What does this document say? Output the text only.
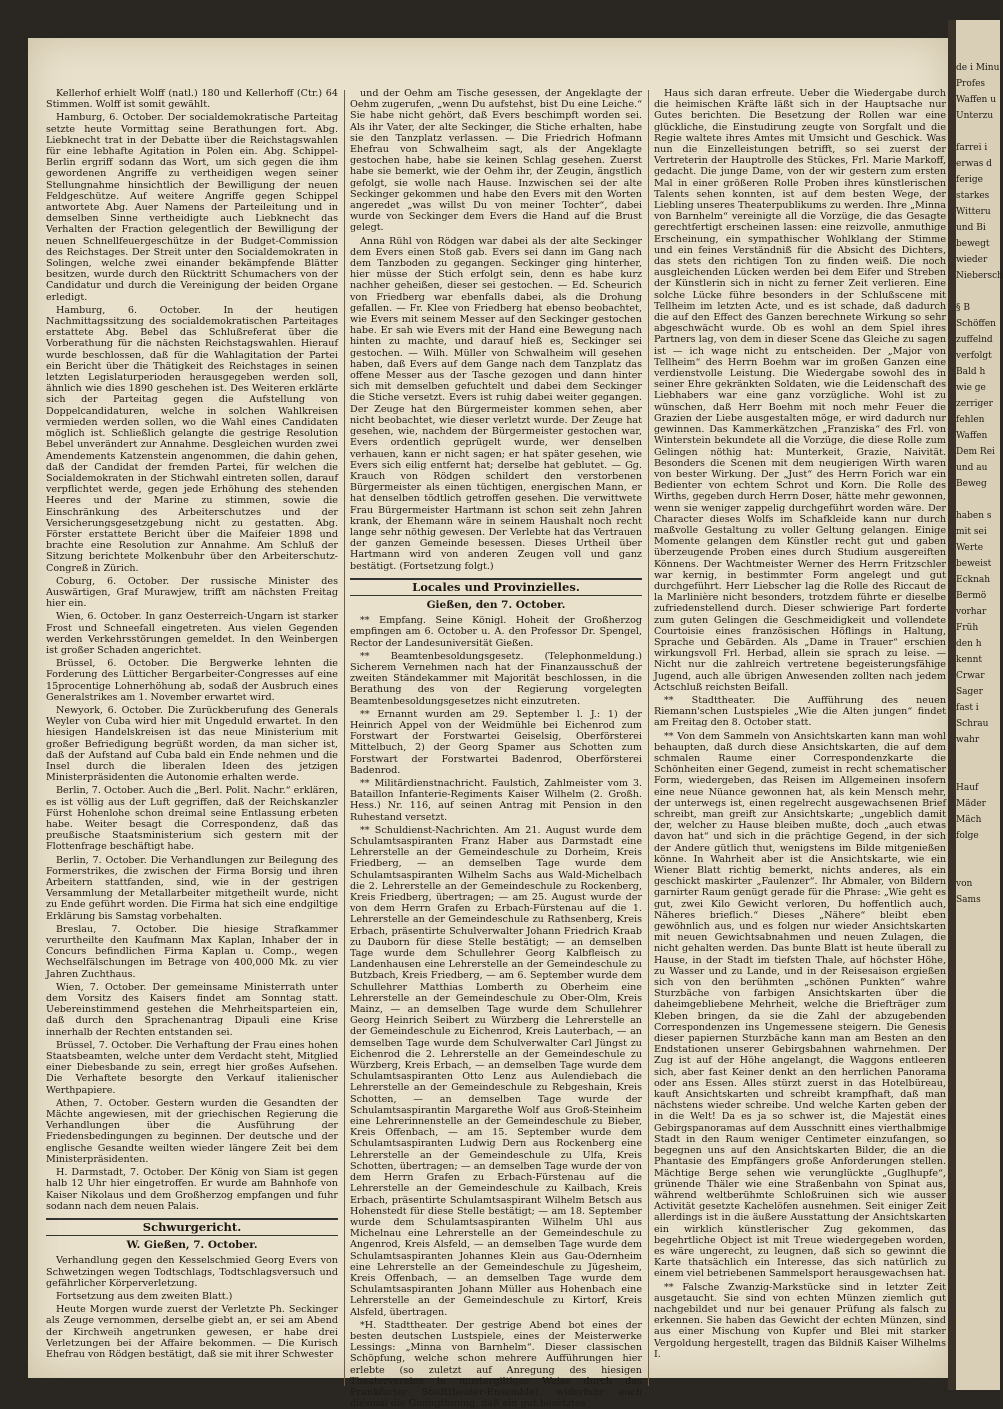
de i Minu
Profes
Waffen u
Unterzu

farrei i
erwas d
ferige
starkes
Witteru
und Bi
bewegt
wieder
Niebersch

§ B
Schöffen
zuffelnd
verfolgt
Bald h
wie ge
zerriger
fehlen
Waffen
Dem Rei
und au
Beweg

haben s
mit sei
Werte
beweist
Ecknah
Bermö
vorhar
Früh
den h
kennt
Crwar
Sager
fast i
Schrau
wahr

Hauf
Mäder
Mäch
folge

von
Sams

Kellerhof erhielt Wolff (natl.) 180 und Kellerhoff (Ctr.) 64 Stimmen. Wolff ist somit gewählt.

Hamburg, 6. October. Der socialdemokratische Parteitag setzte heute Vormittag seine Berathungen fort. Abg. Liebknecht trat in der Debatte über die Reichstagswahlen für eine lebhafte Agitation in Polen ein. Abg. Schippel-Berlin ergriff sodann das Wort, um sich gegen die ihm gewordenen Angriffe zu vertheidigen wegen seiner Stellungnahme hinsichtlich der Bewilligung der neuen Feldgeschütze. Auf weitere Angriffe gegen Schippel antwortete Abg. Auer Namens der Parteileitung und in demselben Sinne vertheidigte auch Liebknecht das Verhalten der Fraction gelegentlich der Bewilligung der neuen Schnellfeuergeschütze in der Budget-Commission des Reichstages. Der Streit unter den Socialdemokraten in Solingen, welche zwei einander bekämpfende Blätter besitzen, wurde durch den Rücktritt Schumachers von der Candidatur und durch die Vereinigung der beiden Organe erledigt.

Hamburg, 6. October. In der heutigen Nachmittagssitzung des socialdemokratischen Parteitages erstattete Abg. Bebel das Schlußreferat über die Vorberathung für die nächsten Reichstagswahlen. Hierauf wurde beschlossen, daß für die Wahlagitation der Partei ein Bericht über die Thätigkeit des Reichstages in seinen letzten Legislaturperioden herausgegeben werden soll, ähnlich wie dies 1890 geschehen ist. Des Weiteren erklärte sich der Parteitag gegen die Aufstellung von Doppelcandidaturen, welche in solchen Wahlkreisen vermieden werden sollen, wo die Wahl eines Candidaten möglich ist. Schließlich gelangte die gestrige Resolution Bebel unverändert zur Annahme. Desgleichen wurden zwei Amendements Katzenstein angenommen, die dahin gehen, daß der Candidat der fremden Partei, für welchen die Socialdemokraten in der Stichwahl eintreten sollen, darauf verpflichtet werde, gegen jede Erhöhung des stehenden Heeres und der Marine zu stimmen, sowie die Einschränkung des Arbeiterschutzes und der Versicherungsgesetzgebung nicht zu gestatten. Abg. Förster erstattete Bericht über die Maifeier 1898 und brachte eine Resolution zur Annahme. Am Schluß der Sitzung berichtete Molkenbuhr über den Arbeiterschutz-Congreß in Zürich.

Coburg, 6. October. Der russische Minister des Auswärtigen, Graf Murawjew, trifft am nächsten Freitag hier ein.

Wien, 6. October. In ganz Oesterreich-Ungarn ist starker Frost und Schneefall eingetreten. Aus vielen Gegenden werden Verkehrsstörungen gemeldet. In den Weinbergen ist großer Schaden angerichtet.

Brüssel, 6. October. Die Bergwerke lehnten die Forderung des Lütticher Bergarbeiter-Congresses auf eine 15procentige Lohnerhöhung ab, sodaß der Ausbruch eines Generalstrikes am 1. November erwartet wird.

Newyork, 6. October. Die Zurückberufung des Generals Weyler von Cuba wird hier mit Ungeduld erwartet. In den hiesigen Handelskreisen ist das neue Ministerium mit großer Befriedigung begrüßt worden, da man sicher ist, daß der Aufstand auf Cuba bald ein Ende nehmen und die Insel durch die liberalen Ideen des jetzigen Ministerpräsidenten die Autonomie erhalten werde.

Berlin, 7. October. Auch die „Berl. Polit. Nachr.“ erklären, es ist völlig aus der Luft gegriffen, daß der Reichskanzler Fürst Hohenlohe schon dreimal seine Entlassung erbeten habe. Weiter besagt die Correspondenz, daß das preußische Staatsministerium sich gestern mit der Flottenfrage beschäftigt habe.

Berlin, 7. October. Die Verhandlungen zur Beilegung des Formerstrikes, die zwischen der Firma Borsig und ihren Arbeitern stattfanden, sind, wie in der gestrigen Versammlung der Metallarbeiter mitgetheilt wurde, nicht zu Ende geführt worden. Die Firma hat sich eine endgiltige Erklärung bis Samstag vorbehalten.

Breslau, 7. October. Die hiesige Strafkammer verurtheilte den Kaufmann Max Kaplan, Inhaber der in Concurs befindlichen Firma Kaplan u. Comp., wegen Wechselfälschungen im Betrage von 400,000 Mk. zu vier Jahren Zuchthaus.

Wien, 7. October. Der gemeinsame Ministerrath unter dem Vorsitz des Kaisers findet am Sonntag statt. Uebereinstimmend gestehen die Mehrheitsparteien ein, daß durch den Sprachenantrag Dipauli eine Krise innerhalb der Rechten entstanden sei.

Brüssel, 7. October. Die Verhaftung der Frau eines hohen Staatsbeamten, welche unter dem Verdacht steht, Mitglied einer Diebesbande zu sein, erregt hier großes Aufsehen. Die Verhaftete besorgte den Verkauf italienischer Werthpapiere.

Athen, 7. October. Gestern wurden die Gesandten der Mächte angewiesen, mit der griechischen Regierung die Verhandlungen über die Ausführung der Friedensbedingungen zu beginnen. Der deutsche und der englische Gesandte weilten wieder längere Zeit bei dem Ministerpräsidenten.

H. Darmstadt, 7. October. Der König von Siam ist gegen halb 12 Uhr hier eingetroffen. Er wurde am Bahnhofe von Kaiser Nikolaus und dem Großherzog empfangen und fuhr sodann nach dem neuen Palais.

Schwurgericht.
W. Gießen, 7. October.

Verhandlung gegen den Kesselschmied Georg Evers von Schwetzingen wegen Todtschlags, Todtschlagsversuch und gefährlicher Körperverletzung.

Fortsetzung aus dem zweiten Blatt.)

Heute Morgen wurde zuerst der Verletzte Ph. Seckinger als Zeuge vernommen, derselbe giebt an, er sei am Abend der Kirchweih angetrunken gewesen, er habe drei Verletzungen bei der Affaire bekommen. — Die Kurisch Ehefrau von Rödgen bestätigt, daß sie mit ihrer Schwester

und der Oehm am Tische gesessen, der Angeklagte der Oehm zugerufen, „wenn Du aufstehst, bist Du eine Leiche.“ Sie habe nicht gehört, daß Evers beschimpft worden sei. Als ihr Vater, der alte Seckinger, die Stiche erhalten, habe sie den Tanzplatz verlassen. — Die Friedrich Hofmann Ehefrau von Schwalheim sagt, als der Angeklagte gestochen habe, habe sie keinen Schlag gesehen. Zuerst habe sie bemerkt, wie der Oehm ihr, der Zeugin, ängstlich gefolgt, sie wolle nach Hause. Inzwischen sei der alte Seckinger gekommen und habe den Evers mit den Worten angeredet „was willst Du von meiner Tochter“, dabei wurde von Seckinger dem Evers die Hand auf die Brust gelegt.

Anna Rühl von Rödgen war dabei als der alte Seckinger dem Evers einen Stoß gab. Evers sei dann im Gang nach dem Tanzboden zu gegangen. Seckinger ging hinterher, hier müsse der Stich erfolgt sein, denn es habe kurz nachher geheißen, dieser sei gestochen. — Ed. Scheurich von Friedberg war ebenfalls dabei, als die Drohung gefallen. — Fr. Klee von Friedberg hat ebenso beobachtet, wie Evers mit seinem Messer auf den Seckinger gestochen habe. Er sah wie Evers mit der Hand eine Bewegung nach hinten zu machte, und darauf hieß es, Seckinger sei gestochen. — Wilh. Müller von Schwalheim will gesehen haben, daß Evers auf dem Gange nach dem Tanzplatz das offene Messer aus der Tasche gezogen und dann hinter sich mit demselben gefuchtelt und dabei dem Seckinger die Stiche versetzt. Evers ist ruhig dabei weiter gegangen. Der Zeuge hat den Bürgermeister kommen sehen, aber nicht beobachtet, wie dieser verletzt wurde. Der Zeuge hat gesehen, wie, nachdem der Bürgermeister gestochen war, Evers ordentlich geprügelt wurde, wer denselben verhauen, kann er nicht sagen; er hat später gesehen, wie Evers sich eilig entfernt hat; derselbe hat geblutet. — Gg. Krauch von Rödgen schildert den verstorbenen Bürgermeister als einen tüchtigen, energischen Mann, er hat denselben tödtlich getroffen gesehen. Die verwittwete Frau Bürgermeister Hartmann ist schon seit zehn Jahren krank, der Ehemann wäre in seinem Haushalt noch recht lange sehr nöthig gewesen. Der Verlebte hat das Vertrauen der ganzen Gemeinde besessen. Dieses Urtheil über Hartmann wird von anderen Zeugen voll und ganz bestätigt. (Fortsetzung folgt.)

Locales und Provinzielles.
Gießen, den 7. October.

** Empfang. Seine Königl. Hoheit der Großherzog empfingen am 6. October u. A. den Professor Dr. Spengel, Rector der Landesuniversität Gießen.

** Beamtenbesoldungsgesetz. (Telephonmeldung.) Sicherem Vernehmen nach hat der Finanzausschuß der zweiten Ständekammer mit Majorität beschlossen, in die Berathung des von der Regierung vorgelegten Beamtenbesoldungsgesetzes nicht einzutreten.

** Ernannt wurden am 29. September l. J.: 1) der Heinrich Appel von der Weidmühle bei Eichenrod zum Forstwart der Forstwartei Geiselsig, Oberförsterei Mittelbuch, 2) der Georg Spamer aus Schotten zum Forstwart der Forstwartei Badenrod, Oberförsterei Badenrod.

** Militärdienstnachricht. Faulstich, Zahlmeister vom 3. Bataillon Infanterie-Regiments Kaiser Wilhelm (2. Großh. Hess.) Nr. 116, auf seinen Antrag mit Pension in den Ruhestand versetzt.

** Schuldienst-Nachrichten. Am 21. August wurde dem Schulamtsaspiranten Franz Haber aus Darmstadt eine Lehrerstelle an der Gemeindeschule zu Dorheim, Kreis Friedberg, — an demselben Tage wurde dem Schulamtsaspiranten Wilhelm Sachs aus Wald-Michelbach die 2. Lehrerstelle an der Gemeindeschule zu Rockenberg, Kreis Friedberg, übertragen; — am 25. August wurde der von dem Herrn Grafen zu Erbach-Fürstenau auf die 1. Lehrerstelle an der Gemeindeschule zu Rathsenberg, Kreis Erbach, präsentirte Schulverwalter Johann Friedrich Kraab zu Dauborn für diese Stelle bestätigt; — an demselben Tage wurde dem Schullehrer Georg Kalbfleisch zu Landenhausen eine Lehrerstelle an der Gemeindeschule zu Butzbach, Kreis Friedberg, — am 6. September wurde dem Schullehrer Matthias Lomberth zu Oberheim eine Lehrerstelle an der Gemeindeschule zu Ober-Olm, Kreis Mainz, — an demselben Tage wurde dem Schullehrer Georg Heinrich Seibert zu Würzberg die Lehrerstelle an der Gemeindeschule zu Eichenrod, Kreis Lauterbach, — an demselben Tage wurde dem Schulverwalter Carl Jüngst zu Eichenrod die 2. Lehrerstelle an der Gemeindeschule zu Würzberg, Kreis Erbach, — an demselben Tage wurde dem Schulamtsaspiranten Otto Lenz aus Aulendiebach die Lehrerstelle an der Gemeindeschule zu Rebgeshain, Kreis Schotten, — an demselben Tage wurde der Schulamtsaspirantin Margarethe Wolf aus Groß-Steinheim eine Lehrerinnenstelle an der Gemeindeschule zu Bieber, Kreis Offenbach, — am 15. September wurde dem Schulamtsaspiranten Ludwig Dern aus Rockenberg eine Lehrerstelle an der Gemeindeschule zu Ulfa, Kreis Schotten, übertragen; — an demselben Tage wurde der von dem Herrn Grafen zu Erbach-Fürstenau auf die Lehrerstelle an der Gemeindeschule zu Kailbach, Kreis Erbach, präsentirte Schulamtsaspirant Wilhelm Betsch aus Hohenstedt für diese Stelle bestätigt; — am 18. September wurde dem Schulamtsaspiranten Wilhelm Uhl aus Michelnau eine Lehrerstelle an der Gemeindeschule zu Angenrod, Kreis Alsfeld, — an demselben Tage wurde dem Schulamtsaspiranten Johannes Klein aus Gau-Odernheim eine Lehrerstelle an der Gemeindeschule zu Jügesheim, Kreis Offenbach, — an demselben Tage wurde dem Schulamtsaspiranten Johann Müller aus Hohenbach eine Lehrerstelle an der Gemeindeschule zu Kirtorf, Kreis Alsfeld, übertragen.

*H. Stadttheater. Der gestrige Abend bot eines der besten deutschen Lustspiele, eines der Meisterwerke Lessings: „Minna von Barnhelm“. Dieser classischen Schöpfung, welche schon mehrere Aufführungen hier erlebte (so zuletzt auf Anregung des hiesigen Theatervereins in mustergiltiger Weise durch das Frankfurter Stadttheater-Ensemble), widerfuhr auch diesmal die Genugthuung, daß ein gut besetztes

Haus sich daran erfreute. Ueber die Wiedergabe durch die heimischen Kräfte läßt sich in der Hauptsache nur Gutes berichten. Die Besetzung der Rollen war eine glückliche, die Einstudirung zeugte von Sorgfalt und die Regie waltete ihres Amtes mit Umsicht und Geschick. Was nun die Einzelleistungen betrifft, so sei zuerst der Vertreterin der Hauptrolle des Stückes, Frl. Marie Markoff, gedacht. Die junge Dame, von der wir gestern zum ersten Mal in einer größeren Rolle Proben ihres künstlerischen Talents sehen konnten, ist auf dem besten Wege, der Liebling unseres Theaterpublikums zu werden. Ihre „Minna von Barnhelm“ vereinigte all die Vorzüge, die das Gesagte gerechtfertigt erscheinen lassen: eine reizvolle, anmuthige Erscheinung, ein sympathischer Wohlklang der Stimme und ein feines Verständniß für die Absicht des Dichters, das stets den richtigen Ton zu finden weiß. Die noch ausgleichenden Lücken werden bei dem Eifer und Streben der Künstlerin sich in nicht zu ferner Zeit verlieren. Eine solche Lücke führe besonders in der Schlußscene mit Tellheim im letzten Acte, und es ist schade, daß dadurch die auf den Effect des Ganzen berechnete Wirkung so sehr abgeschwächt wurde. Ob es wohl an dem Spiel ihres Partners lag, von dem in dieser Scene das Gleiche zu sagen ist — ich wage nicht zu entscheiden. Der „Major von Tellheim“ des Herrn Boehm war im großen Ganzen eine verdienstvolle Leistung. Die Wiedergabe sowohl des in seiner Ehre gekränkten Soldaten, wie die Leidenschaft des Liebhabers war eine ganz vorzügliche. Wohl ist zu wünschen, daß Herr Boehm mit noch mehr Feuer die Grazien der Liebe ausgestalten möge, er wird dadurch nur gewinnen. Das Kammerkätzchen „Franziska“ des Frl. von Winterstein bekundete all die Vorzüge, die diese Rolle zum Gelingen nöthig hat: Munterkeit, Grazie, Naivität. Besonders die Scenen mit dem neugierigen Wirth waren von bester Wirkung. Der „Just“ des Herrn Forich war ein Bedienter von echtem Schrot und Korn. Die Rolle des Wirths, gegeben durch Herrn Doser, hätte mehr gewonnen, wenn sie weniger zappelig durchgeführt worden wäre. Der Character dieses Wolfs im Schafkleide kann nur durch maßvolle Gestaltung zu voller Geltung gelangen. Einige Momente gelangen dem Künstler recht gut und gaben überzeugende Proben eines durch Studium ausgereiften Könnens. Der Wachtmeister Werner des Herrn Fritzschler war kernig, in bestimmter Form angelegt und gut durchgeführt. Herr Liebscher lag die Rolle des Riccaut de la Marlinière nicht besonders, trotzdem führte er dieselbe zufriedenstellend durch. Dieser schwierige Part forderte zum guten Gelingen die Geschmeidigkeit und vollendete Courtoisie eines französischen Höflings in Haltung, Sprache und Gebärden. Als „Dame in Trauer“ erschien wirkungsvoll Frl. Herbad, allein sie sprach zu leise. — Nicht nur die zahlreich vertretene begeisterungsfähige Jugend, auch alle übrigen Anwesenden zollten nach jedem Actschluß reichsten Beifall.

** Stadttheater. Die Aufführung des neuen Riemann'schen Lustspieles „Wie die Alten jungen“ findet am Freitag den 8. October statt.

** Von dem Sammeln von Ansichtskarten kann man wohl behaupten, daß durch diese Ansichtskarten, die auf dem schmalen Raume einer Correspondenzkarte die Schönheiten einer Gegend, zumeist in recht schematischer Form, wiedergeben, das Reisen im Allgemeinen insofern eine neue Nüance gewonnen hat, als kein Mensch mehr, der unterwegs ist, einen regelrecht ausgewachsenen Brief schreibt, man greift zur Ansichtskarte; „ungeblich damit der, welcher zu Hause bleiben mußte, doch „auch etwas davon hat“ und sich in die prächtige Gegend, in der sich der Andere gütlich thut, wenigstens im Bilde mitgenießen könne. In Wahrheit aber ist die Ansichtskarte, wie ein Wiener Blatt richtig bemerkt, nichts anderes, als ein geschickt maskirter „Faulenzer“. Ihr Abmaler, von Bildern garnirter Raum genügt gerade für die Phrase: „Wie geht es gut, zwei Kilo Gewicht verloren, Du hoffentlich auch, Näheres brieflich.“ Dieses „Nähere“ bleibt eben gewöhnlich aus, und es folgen nur wieder Ansichtskarten mit neuen Gewichtsabnahmen und neuen Zulagen, die nicht gehalten werden. Das bunte Blatt ist heute überall zu Hause, in der Stadt im tiefsten Thale, auf höchster Höhe, zu Wasser und zu Lande, und in der Reisesaison ergießen sich von den berühmten „schönen Punkten“ wahre Sturzbäche von farbigen Ansichtskarten über die daheimgebliebene Mehrheit, welche die Briefträger zum Kleben bringen, da sie die Zahl der abzugebenden Correspondenzen ins Ungemessene steigern. Die Genesis dieser papiernen Sturzbäche kann man am Besten an den Endstationen unserer Gebirgsbahnen wahrnehmen. Der Zug ist auf der Höhe angelangt, die Waggons entleeren sich, aber fast Keiner denkt an den herrlichen Panorama oder ans Essen. Alles stürzt zuerst in das Hotelbüreau, kauft Ansichtskarten und schreibt krampfhaft, daß man nächstens wieder schreibe. Und welche Karten geben der in die Welt! Da es ja so schwer ist, die Majestät eines Gebirgspanoramas auf dem Ausschnitt eines vierthalbmige Stadt in den Raum weniger Centimeter einzufangen, so begegnen uns auf den Ansichtskarten Bilder, die an die Phantasie des Empfängers große Anforderungen stellen. Mächtige Berge sehen wie verunglückte „Guglhupfe“, grünende Thäler wie eine Straßenbahn von Spinat aus, während weltberühmte Schloßruinen sich wie ausser Activität gesetzte Kachelöfen ausnehmen. Seit einiger Zeit allerdings ist in die äußere Ausstattung der Ansichtskarten ein wirklich künstlerischer Zug gekommen, das begehrtliche Object ist mit Treue wiedergegeben worden, es wäre ungerecht, zu leugnen, daß sich so gewinnt die Karte thatsächlich ein Interesse, das sich natürlich zu einem viel betriebenen Sammelsport herausgewachsen hat.

** Falsche Zwanzig-Markstücke sind in letzter Zeit ausgetaucht. Sie sind von echten Münzen ziemlich gut nachgebildet und nur bei genauer Prüfung als falsch zu erkennen. Sie haben das Gewicht der echten Münzen, sind aus einer Mischung von Kupfer und Blei mit starker Vergoldung hergestellt, tragen das Bildniß Kaiser Wilhelms I.
